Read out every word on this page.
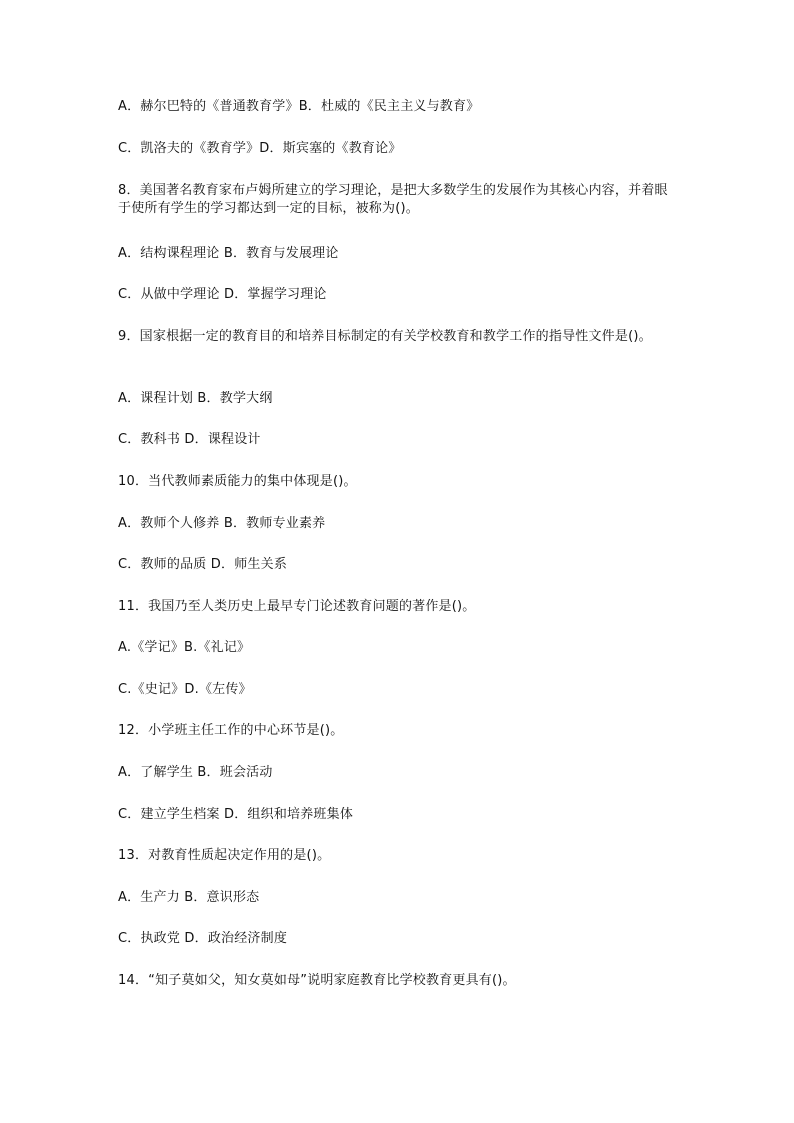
A．赫尔巴特的《普通教育学》B．杜威的《民主主义与教育》
C．凯洛夫的《教育学》D．斯宾塞的《教育论》
8．美国著名教育家布卢姆所建立的学习理论，是把大多数学生的发展作为其核心内容，并着眼于使所有学生的学习都达到一定的目标，被称为()。
A．结构课程理论 B．教育与发展理论
C．从做中学理论 D．掌握学习理论
9．国家根据一定的教育目的和培养目标制定的有关学校教育和教学工作的指导性文件是()。
A．课程计划 B．教学大纲
C．教科书 D．课程设计
10．当代教师素质能力的集中体现是()。
A．教师个人修养 B．教师专业素养
C．教师的品质 D．师生关系
11．我国乃至人类历史上最早专门论述教育问题的著作是()。
A.《学记》B.《礼记》
C.《史记》D.《左传》
12．小学班主任工作的中心环节是()。
A．了解学生 B．班会活动
C．建立学生档案 D．组织和培养班集体
13．对教育性质起决定作用的是()。
A．生产力 B．意识形态
C．执政党 D．政治经济制度
14．“知子莫如父，知女莫如母”说明家庭教育比学校教育更具有()。
